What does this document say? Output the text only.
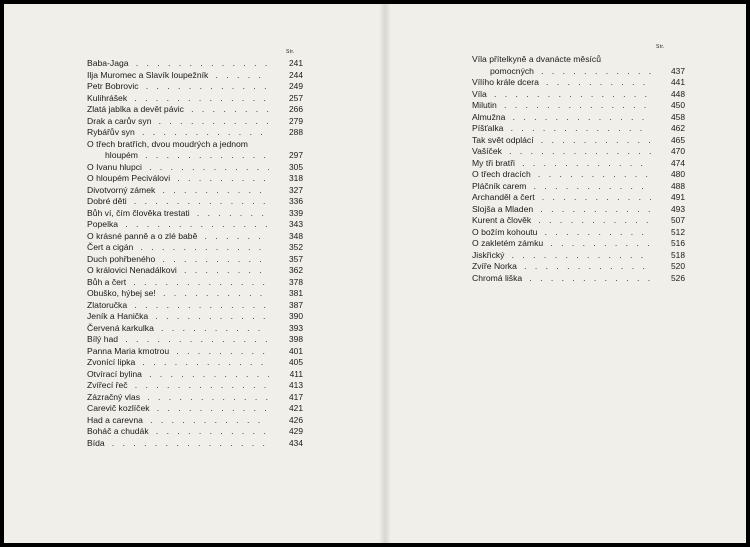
Str.
Baba-Jaga . .	241
Ilja Muromec a Slavík loupežník . .	244
Petr Bobrovic . .	249
Kulihrášek . .	257
Zlatá jablka a devět pávic . .	266
Drak a carův syn . .	279
Rybářův syn . .	288
O třech bratřích, dvou moudrých a jednom
hloupém . .	297
O Ivanu hlupci . .	305
O hloupém Peciválovi . .	318
Divotvorný zámek . .	327
Dobré děti . .	336
Bůh ví, čím člověka trestati . .	339
Popelka . .	343
O krásné panně a o zlé babě . .	348
Čert a cigán . .	352
Duch pohřbeného . .	357
O královici Nenadálkovi . .	362
Bůh a čert . .	378
Obuško, hýbej se! . .	381
Zlatoručka . .	387
Jeník a Hanička . .	390
Červená karkulka . .	393
Bílý had . .	398
Panna Maria kmotrou . .	401
Zvonící lipka . .	405
Otvírací bylina . .	411
Zvířecí řeč . .	413
Zázračný vlas . .	417
Carevič kozlíček . .	421
Had a carevna . .	426
Boháč a chudák . .	429
Bída . .	434
Str.
Víla přítelkyně a dvanácte měsíců
pomocných . .	437
Vílího krále dcera . .	441
Víla . .	448
Milutin . .	450
Almužna . .	458
Píšťalka . .	462
Tak svět odplácí . .	465
Vašíček . .	470
My tři bratři . .	474
O třech dracích . .	480
Pláčník carem . .	488
Archanděl a čert . .	491
Slojša a Mladen . .	493
Kurent a člověk . .	507
O božím kohoutu . .	512
O zakletém zámku . .	516
Jiskřický . .	518
Zvíře Norka . .	520
Chromá liška . .	526
